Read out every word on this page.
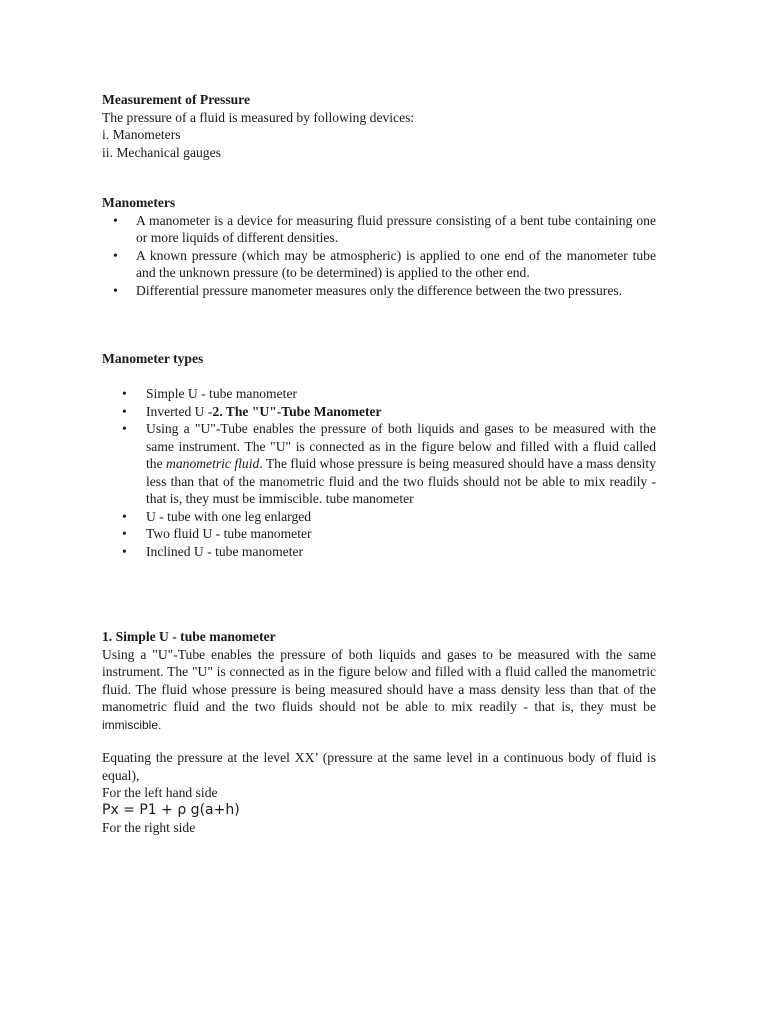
Measurement of Pressure
The pressure of a fluid is measured by following devices:
i. Manometers
ii. Mechanical gauges
Manometers
• A manometer is a device for measuring fluid pressure consisting of a bent tube containing one or more liquids of different densities.
• A known pressure (which may be atmospheric) is applied to one end of the manometer tube and the unknown pressure (to be determined) is applied to the other end.
• Differential pressure manometer measures only the difference between the two pressures.
Manometer types
• Simple U - tube manometer
• Inverted U -2. The "U"-Tube Manometer
• Using a "U"-Tube enables the pressure of both liquids and gases to be measured with the same instrument. The "U" is connected as in the figure below and filled with a fluid called the manometric fluid. The fluid whose pressure is being measured should have a mass density less than that of the manometric fluid and the two fluids should not be able to mix readily - that is, they must be immiscible. tube manometer
• U - tube with one leg enlarged
• Two fluid U - tube manometer
• Inclined U - tube manometer
1. Simple U - tube manometer
Using a "U"-Tube enables the pressure of both liquids and gases to be measured with the same instrument. The "U" is connected as in the figure below and filled with a fluid called the manometric fluid. The fluid whose pressure is being measured should have a mass density less than that of the manometric fluid and the two fluids should not be able to mix readily - that is, they must be immiscible.
Equating the pressure at the level XX’ (pressure at the same level in a continuous body of fluid is equal),
For the left hand side
Px = P1 + ρ g(a+h)
For the right side
